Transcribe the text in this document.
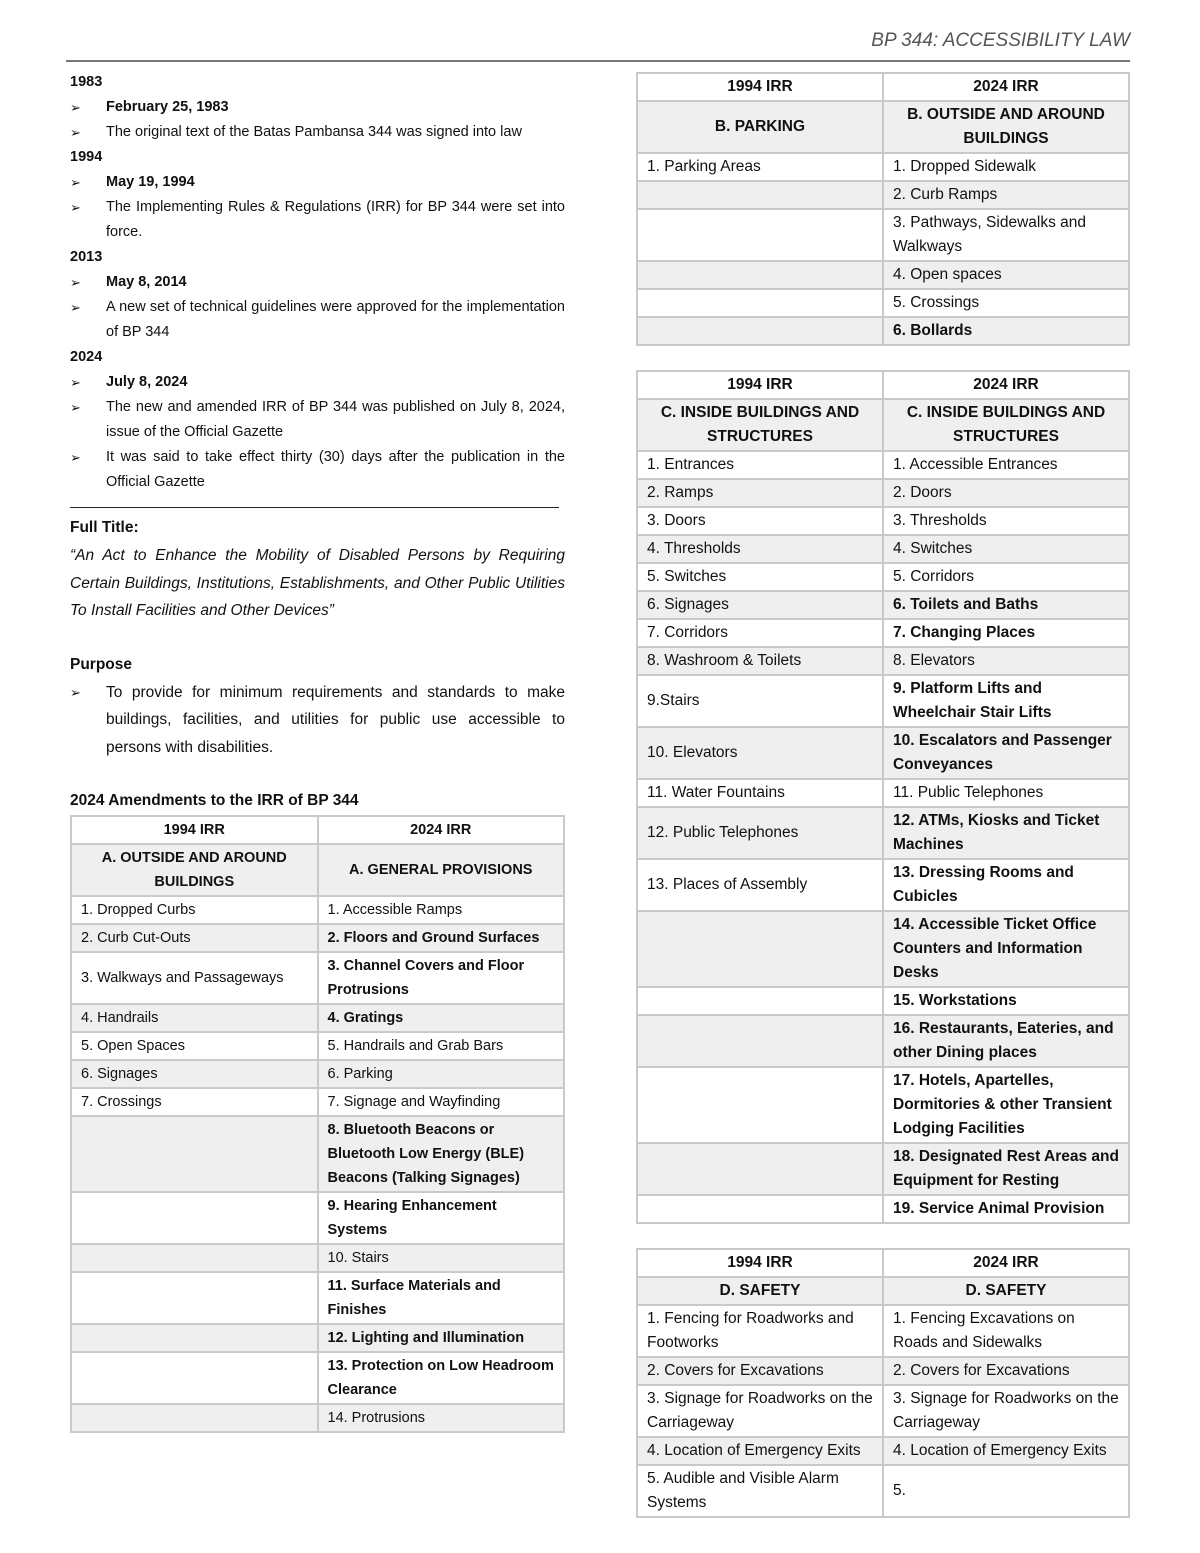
BP 344: ACCESSIBILITY LAW
1983
➢	February 25, 1983
➢	The original text of the Batas Pambansa 344 was signed into law
1994
➢	May 19, 1994
➢	The Implementing Rules & Regulations (IRR) for BP 344 were set into force.
2013
➢	May 8, 2014
➢	A new set of technical guidelines were approved for the implementation of BP 344
2024
➢	July 8, 2024
➢	The new and amended IRR of BP 344 was published on July 8, 2024, issue of the Official Gazette
➢	It was said to take effect thirty (30) days after the publication in the Official Gazette
Full Title:
“An Act to Enhance the Mobility of Disabled Persons by Requiring Certain Buildings, Institutions, Establishments, and Other Public Utilities To Install Facilities and Other Devices”
Purpose
➢	To provide for minimum requirements and standards to make buildings, facilities, and utilities for public use accessible to persons with disabilities.
2024 Amendments to the IRR of BP 344
1994 IRR	2024 IRR
A. OUTSIDE AND AROUND BUILDINGS	A. GENERAL PROVISIONS
1. Dropped Curbs	1. Accessible Ramps
2. Curb Cut-Outs	2. Floors and Ground Surfaces
3. Walkways and Passageways	3. Channel Covers and Floor Protrusions
4. Handrails	4. Gratings
5. Open Spaces	5. Handrails and Grab Bars
6. Signages	6. Parking
7. Crossings	7. Signage and Wayfinding
	8. Bluetooth Beacons or Bluetooth Low Energy (BLE) Beacons (Talking Signages)
	9. Hearing Enhancement Systems
	10. Stairs
	11. Surface Materials and Finishes
	12. Lighting and Illumination
	13. Protection on Low Headroom Clearance
	14. Protrusions
1994 IRR	2024 IRR
B. PARKING	B. OUTSIDE AND AROUND BUILDINGS
1. Parking Areas	1. Dropped Sidewalk
	2. Curb Ramps
	3. Pathways, Sidewalks and Walkways
	4. Open spaces
	5. Crossings
	6. Bollards
1994 IRR	2024 IRR
C. INSIDE BUILDINGS AND STRUCTURES	C. INSIDE BUILDINGS AND STRUCTURES
1. Entrances	1. Accessible Entrances
2. Ramps	2. Doors
3. Doors	3. Thresholds
4. Thresholds	4. Switches
5. Switches	5. Corridors
6. Signages	6. Toilets and Baths
7. Corridors	7. Changing Places
8. Washroom & Toilets	8. Elevators
9.Stairs	9. Platform Lifts and Wheelchair Stair Lifts
10. Elevators	10. Escalators and Passenger Conveyances
11. Water Fountains	11. Public Telephones
12. Public Telephones	12. ATMs, Kiosks and Ticket Machines
13. Places of Assembly	13. Dressing Rooms and Cubicles
	14. Accessible Ticket Office Counters and Information Desks
	15. Workstations
	16. Restaurants, Eateries, and other Dining places
	17. Hotels, Apartelles, Dormitories & other Transient Lodging Facilities
	18. Designated Rest Areas and Equipment for Resting
	19. Service Animal Provision
1994 IRR	2024 IRR
D. SAFETY	D. SAFETY
1. Fencing for Roadworks and Footworks	1. Fencing Excavations on Roads and Sidewalks
2. Covers for Excavations	2. Covers for Excavations
3. Signage for Roadworks on the Carriageway	3. Signage for Roadworks on the Carriageway
4. Location of Emergency Exits	4. Location of Emergency Exits
5. Audible and Visible Alarm Systems	5.
